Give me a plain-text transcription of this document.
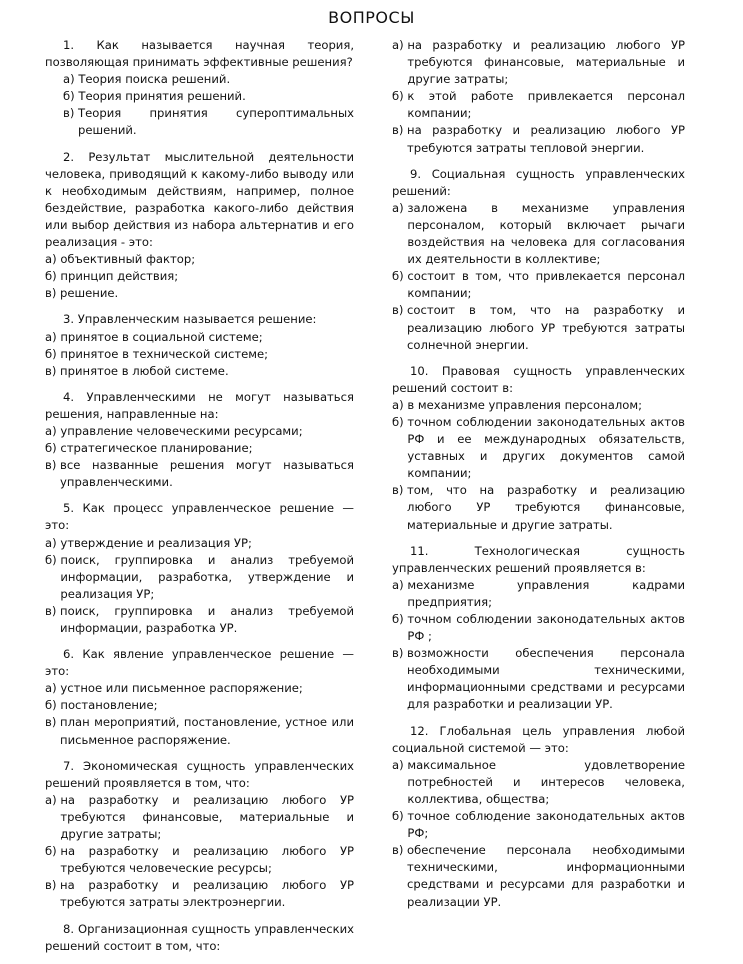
ВОПРОСЫ
1. Как называется научная теория, позволяющая принимать эффективные решения?
а)
Теория поиска решений.
б)
Теория принятия решений.
в)
Теория принятия супероптимальных решений.
2. Результат мыслительной деятельности человека, приводящий к какому-либо выводу или к необходимым действиям, например, полное бездействие, разработка какого-либо действия или выбор действия из набора альтернатив и его реализация - это:
а)
объективный фактор;
б)
принцип действия;
в)
решение.
3. Управленческим называется решение:
а)
принятое в социальной системе;
б)
принятое в технической системе;
в)
принятое в любой системе.
4. Управленческими не могут называться решения, направленные на:
а)
управление человеческими ресурсами;
б)
стратегическое планирование;
в)
все названные решения могут называться управленческими.
5. Как процесс управленческое решение — это:
а)
утверждение и реализация УР;
б)
поиск, группировка и анализ требуемой информации, разработка, утверждение и реализация УР;
в)
поиск, группировка и анализ требуемой информации, разработка УР.
6. Как явление управленческое решение — это:
а)
устное или письменное распоряжение;
б)
постановление;
в)
план мероприятий, постановление, устное или письменное распоряжение.
7. Экономическая сущность управленческих решений проявляется в том, что:
а)
на разработку и реализацию любого УР требуются финансовые, материальные и другие затраты;
б)
на разработку и реализацию любого УР требуются человеческие ресурсы;
в)
на разработку и реализацию любого УР требуются затраты электроэнергии.
8. Организационная сущность управленческих решений состоит в том, что:
а)
на разработку и реализацию любого УР требуются финансовые, материальные и другие затраты;
б)
к этой работе привлекается персонал компании;
в)
на разработку и реализацию любого УР требуются затраты тепловой энергии.
9. Социальная сущность управленческих решений:
а)
заложена в механизме управления персоналом, который включает рычаги воздействия на человека для согласования их деятельности в коллективе;
б)
состоит в том, что привлекается персонал компании;
в)
состоит в том, что на разработку и реализацию любого УР требуются затраты солнечной энергии.
10. Правовая сущность управленческих решений состоит в:
а)
в механизме управления персоналом;
б)
точном соблюдении законодательных актов РФ и ее международных обязательств, уставных и других документов самой компании;
в)
том, что на разработку и реализацию любого УР требуются финансовые, материальные и другие затраты.
11. Технологическая сущность управленческих решений проявляется в:
а)
механизме управления кадрами предприятия;
б)
точном соблюдении законодательных актов РФ ;
в)
возможности обеспечения персонала необходимыми техническими, информационными средствами и ресурсами для разработки и реализации УР.
12. Глобальная цель управления любой социальной системой — это:
а)
максимальное удовлетворение потребностей и интересов человека, коллектива, общества;
б)
точное соблюдение законодательных актов РФ;
в)
обеспечение персонала необходимыми техническими, информационными средствами и ресурсами для разработки и реализации УР.
